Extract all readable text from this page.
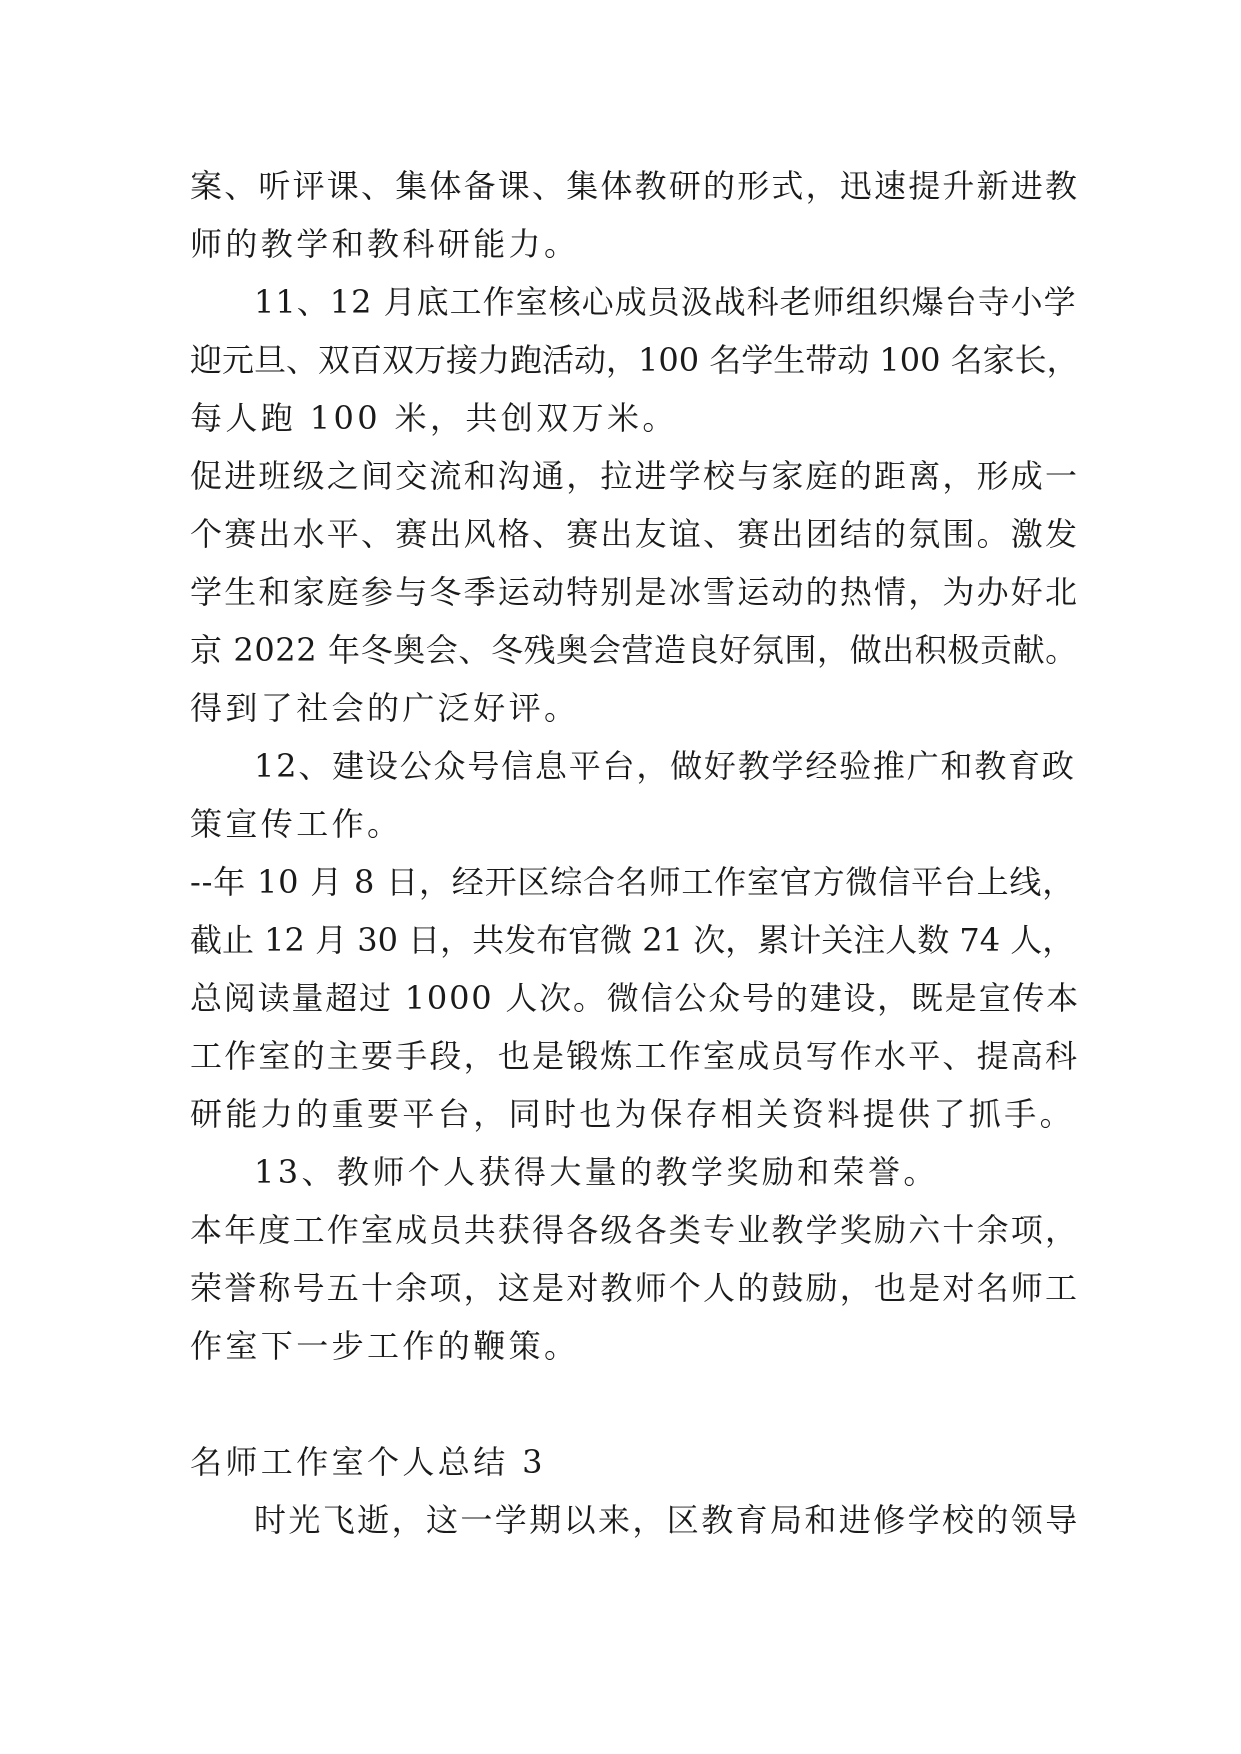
案、听评课、集体备课、集体教研的形式，迅速提升新进教

师的教学和教科研能力。

11、12 月底工作室核心成员汲战科老师组织爆台寺小学

迎元旦、双百双万接力跑活动，100 名学生带动 100 名家长，

每人跑 100 米，共创双万米。

促进班级之间交流和沟通，拉进学校与家庭的距离，形成一

个赛出水平、赛出风格、赛出友谊、赛出团结的氛围。激发

学生和家庭参与冬季运动特别是冰雪运动的热情，为办好北

京 2022 年冬奥会、冬残奥会营造良好氛围，做出积极贡献。

得到了社会的广泛好评。

12、建设公众号信息平台，做好教学经验推广和教育政

策宣传工作。

--年 10 月 8 日，经开区综合名师工作室官方微信平台上线，

截止 12 月 30 日，共发布官微 21 次，累计关注人数 74 人，

总阅读量超过 1000 人次。微信公众号的建设，既是宣传本

工作室的主要手段，也是锻炼工作室成员写作水平、提高科

研能力的重要平台，同时也为保存相关资料提供了抓手。

13、教师个人获得大量的教学奖励和荣誉。

本年度工作室成员共获得各级各类专业教学奖励六十余项，

荣誉称号五十余项，这是对教师个人的鼓励，也是对名师工

作室下一步工作的鞭策。

名师工作室个人总结 3

时光飞逝，这一学期以来，区教育局和进修学校的领导
